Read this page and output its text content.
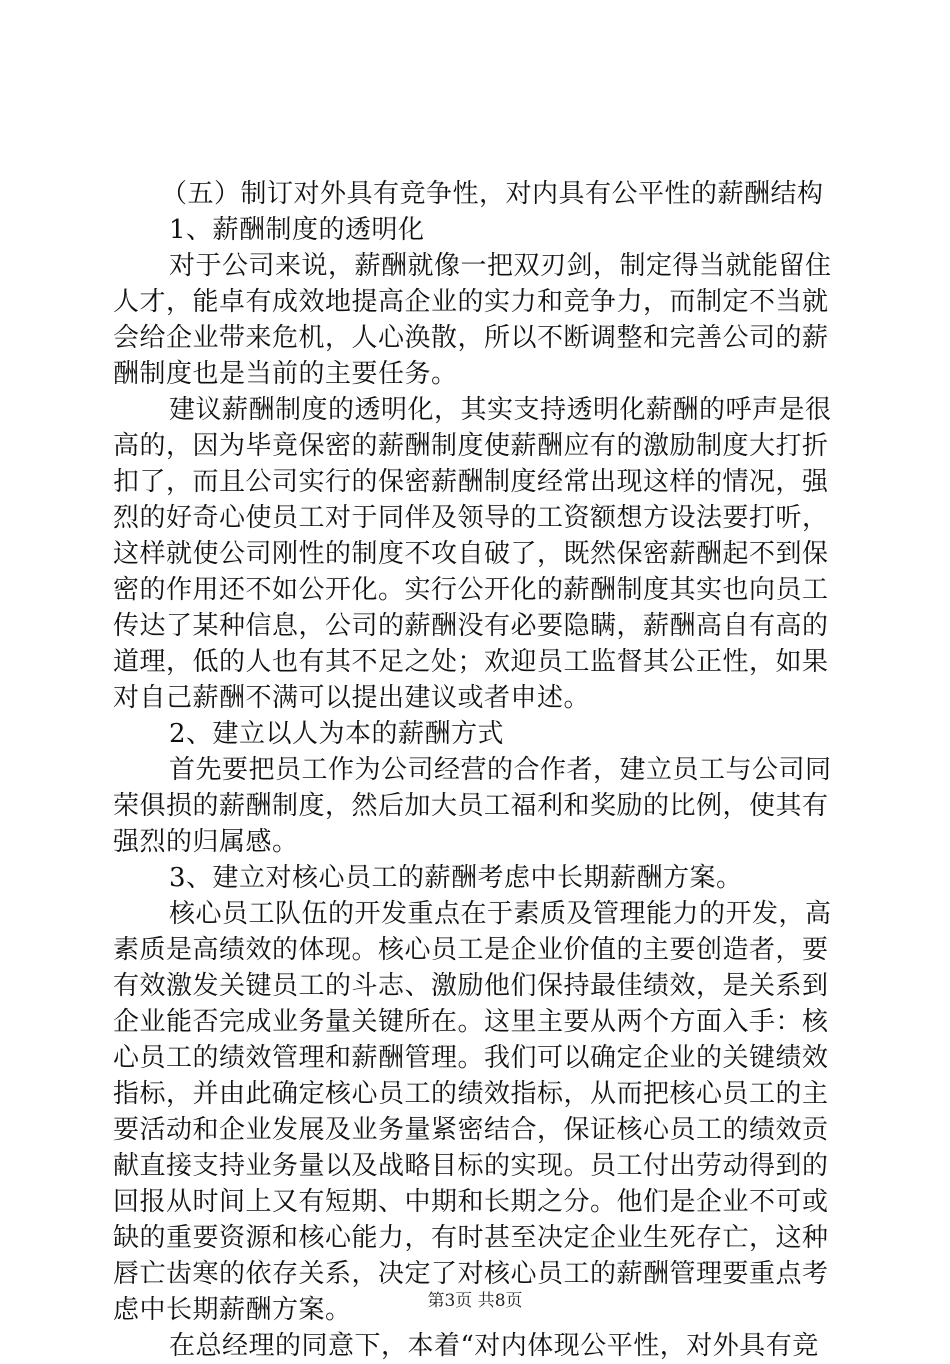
（五）制订对外具有竞争性，对内具有公平性的薪酬结构
1、薪酬制度的透明化
对于公司来说，薪酬就像一把双刃剑，制定得当就能留住
人才，能卓有成效地提高企业的实力和竞争力，而制定不当就
会给企业带来危机，人心涣散，所以不断调整和完善公司的薪
酬制度也是当前的主要任务。
建议薪酬制度的透明化，其实支持透明化薪酬的呼声是很
高的，因为毕竟保密的薪酬制度使薪酬应有的激励制度大打折
扣了，而且公司实行的保密薪酬制度经常出现这样的情况，强
烈的好奇心使员工对于同伴及领导的工资额想方设法要打听，
这样就使公司刚性的制度不攻自破了，既然保密薪酬起不到保
密的作用还不如公开化。实行公开化的薪酬制度其实也向员工
传达了某种信息，公司的薪酬没有必要隐瞒，薪酬高自有高的
道理，低的人也有其不足之处；欢迎员工监督其公正性，如果
对自己薪酬不满可以提出建议或者申述。
2、建立以人为本的薪酬方式
首先要把员工作为公司经营的合作者，建立员工与公司同
荣俱损的薪酬制度，然后加大员工福利和奖励的比例，使其有
强烈的归属感。
3、建立对核心员工的薪酬考虑中长期薪酬方案。
核心员工队伍的开发重点在于素质及管理能力的开发，高
素质是高绩效的体现。核心员工是企业价值的主要创造者，要
有效激发关键员工的斗志、激励他们保持最佳绩效，是关系到
企业能否完成业务量关键所在。这里主要从两个方面入手：核
心员工的绩效管理和薪酬管理。我们可以确定企业的关键绩效
指标，并由此确定核心员工的绩效指标，从而把核心员工的主
要活动和企业发展及业务量紧密结合，保证核心员工的绩效贡
献直接支持业务量以及战略目标的实现。员工付出劳动得到的
回报从时间上又有短期、中期和长期之分。他们是企业不可或
缺的重要资源和核心能力，有时甚至决定企业生死存亡，这种
唇亡齿寒的依存关系，决定了对核心员工的薪酬管理要重点考
虑中长期薪酬方案。
在总经理的同意下，本着“对内体现公平性，对外具有竞
第3页 共8页
